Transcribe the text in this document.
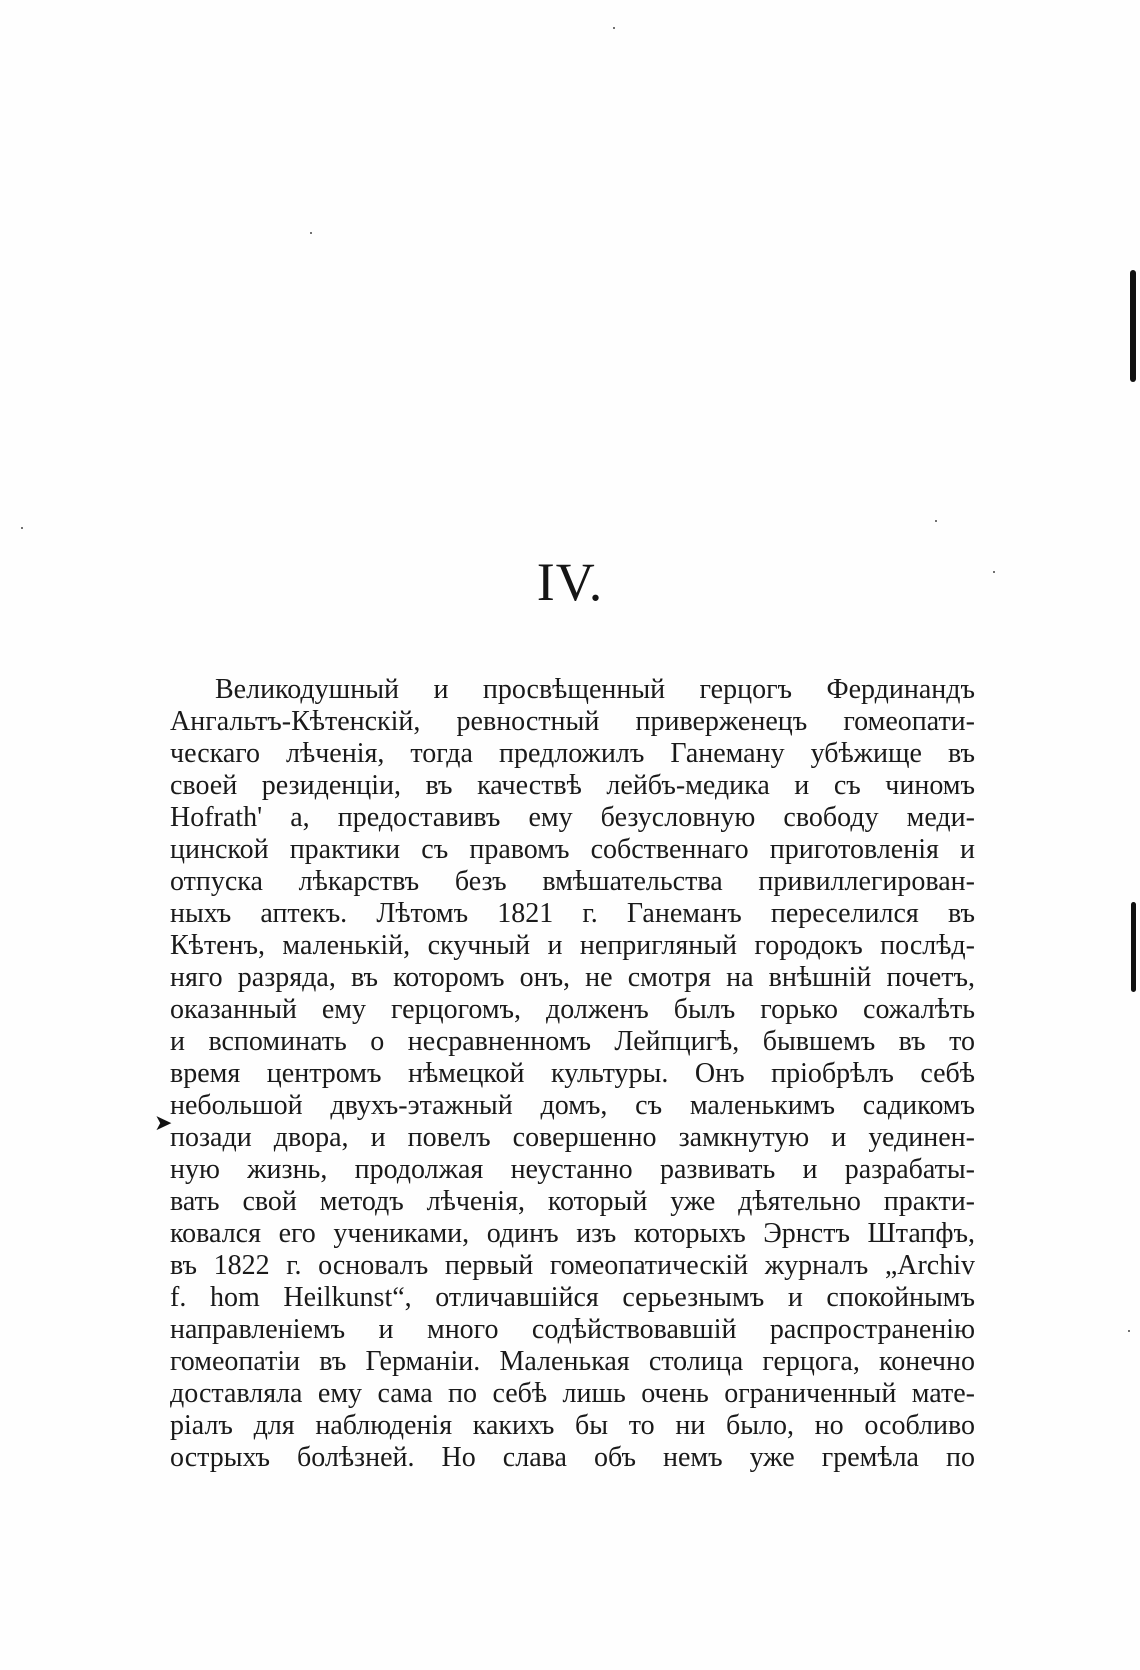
IV.
➤
Великодушный и просвѣщенный герцогъ Фердинандъ
Ангальтъ-Кѣтенскій, ревностный приверженецъ гомеопати-
ческаго лѣченія, тогда предложилъ Ганеману убѣжище въ
своей резиденціи, въ качествѣ лейбъ-медика и съ чиномъ
Hofrath' а, предоставивъ ему безусловную свободу меди-
цинской практики съ правомъ собственнаго приготовленія и
отпуска лѣкарствъ безъ вмѣшательства привиллегирован-
ныхъ аптекъ. Лѣтомъ 1821 г. Ганеманъ переселился въ
Кѣтенъ, маленькій, скучный и непригляный городокъ послѣд-
няго разряда, въ которомъ онъ, не смотря на внѣшній почетъ,
оказанный ему герцогомъ, долженъ былъ горько сожалѣть
и вспоминать о несравненномъ Лейпцигѣ, бывшемъ въ то
время центромъ нѣмецкой культуры. Онъ пріобрѣлъ себѣ
небольшой двухъ-этажный домъ, съ маленькимъ садикомъ
позади двора, и повелъ совершенно замкнутую и уединен-
ную жизнь, продолжая неустанно развивать и разрабаты-
вать свой методъ лѣченія, который уже дѣятельно практи-
ковался его учениками, одинъ изъ которыхъ Эрнстъ Штапфъ,
въ 1822 г. основалъ первый гомеопатическій журналъ „Archiv
f. hom Heilkunst“, отличавшійся серьезнымъ и спокойнымъ
направленіемъ и много содѣйствовавшій распространенію
гомеопатіи въ Германіи. Маленькая столица герцога, конечно
доставляла ему сама по себѣ лишь очень ограниченный мате-
ріалъ для наблюденія какихъ бы то ни было, но особливо
острыхъ болѣзней. Но слава объ немъ уже гремѣла по
